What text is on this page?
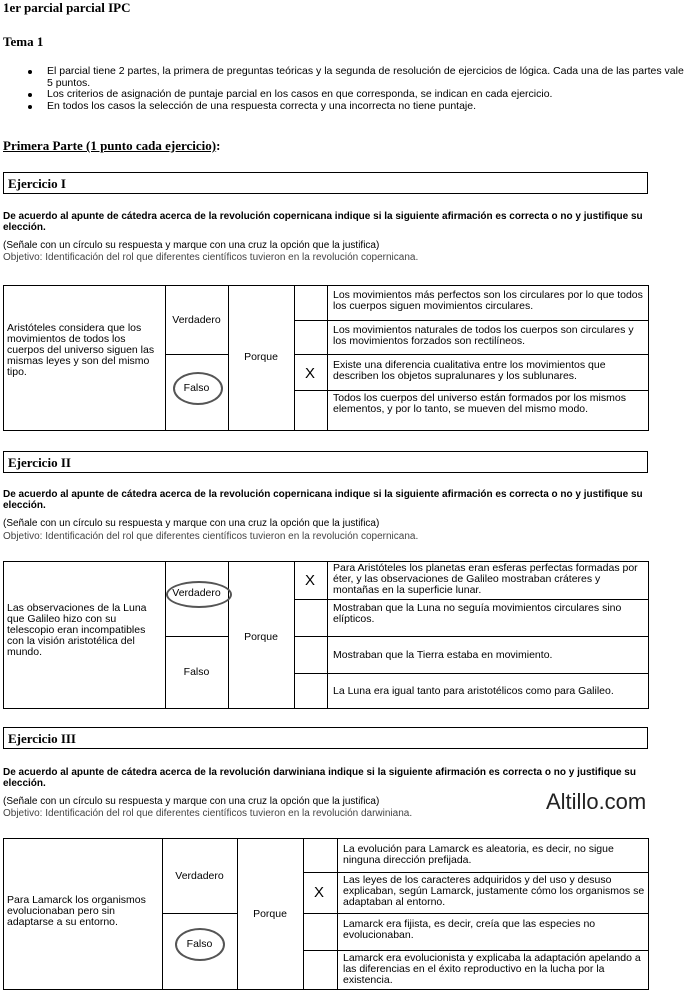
1er parcial parcial IPC
Tema 1
El parcial tiene 2 partes, la primera de preguntas teóricas y la segunda de resolución de ejercicios de lógica. Cada una de las partes vale 5 puntos.
Los criterios de asignación de puntaje parcial en los casos en que corresponda, se indican en cada ejercicio.
En todos los casos la selección de una respuesta correcta y una incorrecta no tiene puntaje.
Primera Parte (1 punto cada ejercicio):
Ejercicio I
De acuerdo al apunte de cátedra acerca de la revolución copernicana indique si la siguiente afirmación es correcta o no y justifique su elección.
(Señale con un círculo su respuesta y marque con una cruz la opción que la justifica)
Objetivo: Identificación del rol que diferentes científicos tuvieron en la revolución copernicana.
Aristóteles considera que los movimientos de todos los cuerpos del universo siguen las mismas leyes y son del mismo tipo.
Verdadero
Falso
Porque
X
Los movimientos más perfectos son los circulares por lo que todos los cuerpos siguen movimientos circulares.
Los movimientos naturales de todos los cuerpos son circulares y los movimientos forzados son rectilíneos.
Existe una diferencia cualitativa entre los movimientos que describen los objetos supralunares y los sublunares.
Todos los cuerpos del universo están formados por los mismos elementos, y por lo tanto, se mueven del mismo modo.
Ejercicio II
De acuerdo al apunte de cátedra acerca de la revolución copernicana indique si la siguiente afirmación es correcta o no y justifique su elección.
(Señale con un círculo su respuesta y marque con una cruz la opción que la justifica)
Objetivo: Identificación del rol que diferentes científicos tuvieron en la revolución copernicana.
Las observaciones de la Luna que Galileo hizo con su telescopio eran incompatibles con la visión aristotélica del mundo.
Verdadero
Falso
Porque
X
Para Aristóteles los planetas eran esferas perfectas formadas por éter, y las observaciones de Galileo mostraban cráteres y montañas en la superficie lunar.
Mostraban que la Luna no seguía movimientos circulares sino elípticos.
Mostraban que la Tierra estaba en movimiento.
La Luna era igual tanto para aristotélicos como para Galileo.
Ejercicio III
De acuerdo al apunte de cátedra acerca de la revolución darwiniana indique si la siguiente afirmación es correcta o no y justifique su elección.
(Señale con un círculo su respuesta y marque con una cruz la opción que la justifica)
Objetivo: Identificación del rol que diferentes científicos tuvieron en la revolución darwiniana.	Altillo.com
Para Lamarck los organismos evolucionaban pero sin adaptarse a su entorno.
Verdadero
Falso
Porque
X
La evolución para Lamarck es aleatoria, es decir, no sigue ninguna dirección prefijada.
Las leyes de los caracteres adquiridos y del uso y desuso explicaban, según Lamarck, justamente cómo los organismos se adaptaban al entorno.
Lamarck era fijista, es decir, creía que las especies no evolucionaban.
Lamarck era evolucionista y explicaba la adaptación apelando a las diferencias en el éxito reproductivo en la lucha por la existencia.
